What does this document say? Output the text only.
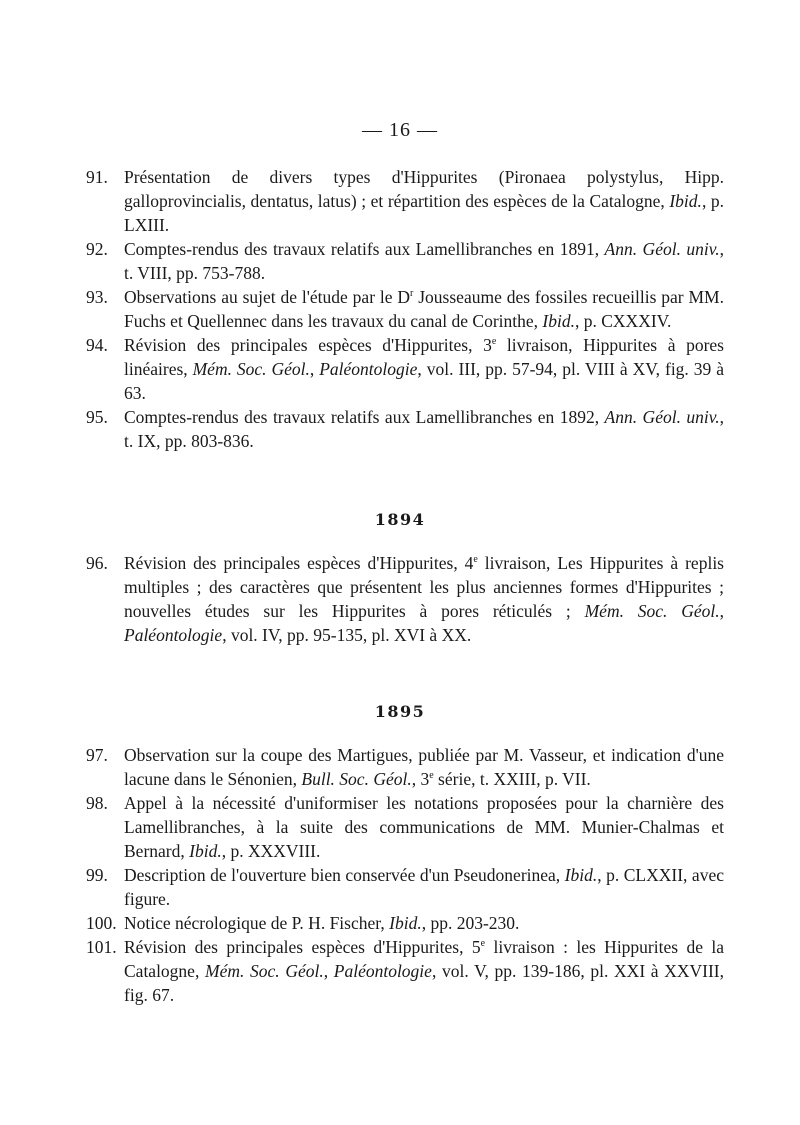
— 16 —
91. Présentation de divers types d'Hippurites (Pironaea polystylus, Hipp. galloprovincialis, dentatus, latus) ; et répartition des espèces de la Catalogne, Ibid., p. LXIII.
92. Comptes-rendus des travaux relatifs aux Lamellibranches en 1891, Ann. Géol. univ., t. VIII, pp. 753-788.
93. Observations au sujet de l'étude par le $D^r$ Jousseaume des fossiles recueillis par MM. Fuchs et Quellennec dans les travaux du canal de Corinthe, Ibid., p. CXXXIV.
94. Révision des principales espèces d'Hippurites, 3e livraison, Hippurites à pores linéaires, Mém. Soc. Géol., Paléontologie, vol. III, pp. 57-94, pl. VIII à XV, fig. 39 à 63.
95. Comptes-rendus des travaux relatifs aux Lamellibranches en 1892, Ann. Géol. univ., t. IX, pp. 803-836.
1894
96. Révision des principales espèces d'Hippurites, 4e livraison, Les Hippurites à replis multiples ; des caractères que présentent les plus anciennes formes d'Hippurites ; nouvelles études sur les Hippurites à pores réticulés ; Mém. Soc. Géol., Paléontologie, vol. IV, pp. 95-135, pl. XVI à XX.
1895
97. Observation sur la coupe des Martigues, publiée par M. Vasseur, et indication d'une lacune dans le Sénonien, Bull. Soc. Géol., 3e série, t. XXIII, p. VII.
98. Appel à la nécessité d'uniformiser les notations proposées pour la charnière des Lamellibranches, à la suite des communications de MM. Munier-Chalmas et Bernard, Ibid., p. XXXVIII.
99. Description de l'ouverture bien conservée d'un Pseudonerinea, Ibid., p. CLXXII, avec figure.
100. Notice nécrologique de P. H. Fischer, Ibid., pp. 203-230.
101. Révision des principales espèces d'Hippurites, 5e livraison : les Hippurites de la Catalogne, Mém. Soc. Géol., Paléontologie, vol. V, pp. 139-186, pl. XXI à XXVIII, fig. 67.
